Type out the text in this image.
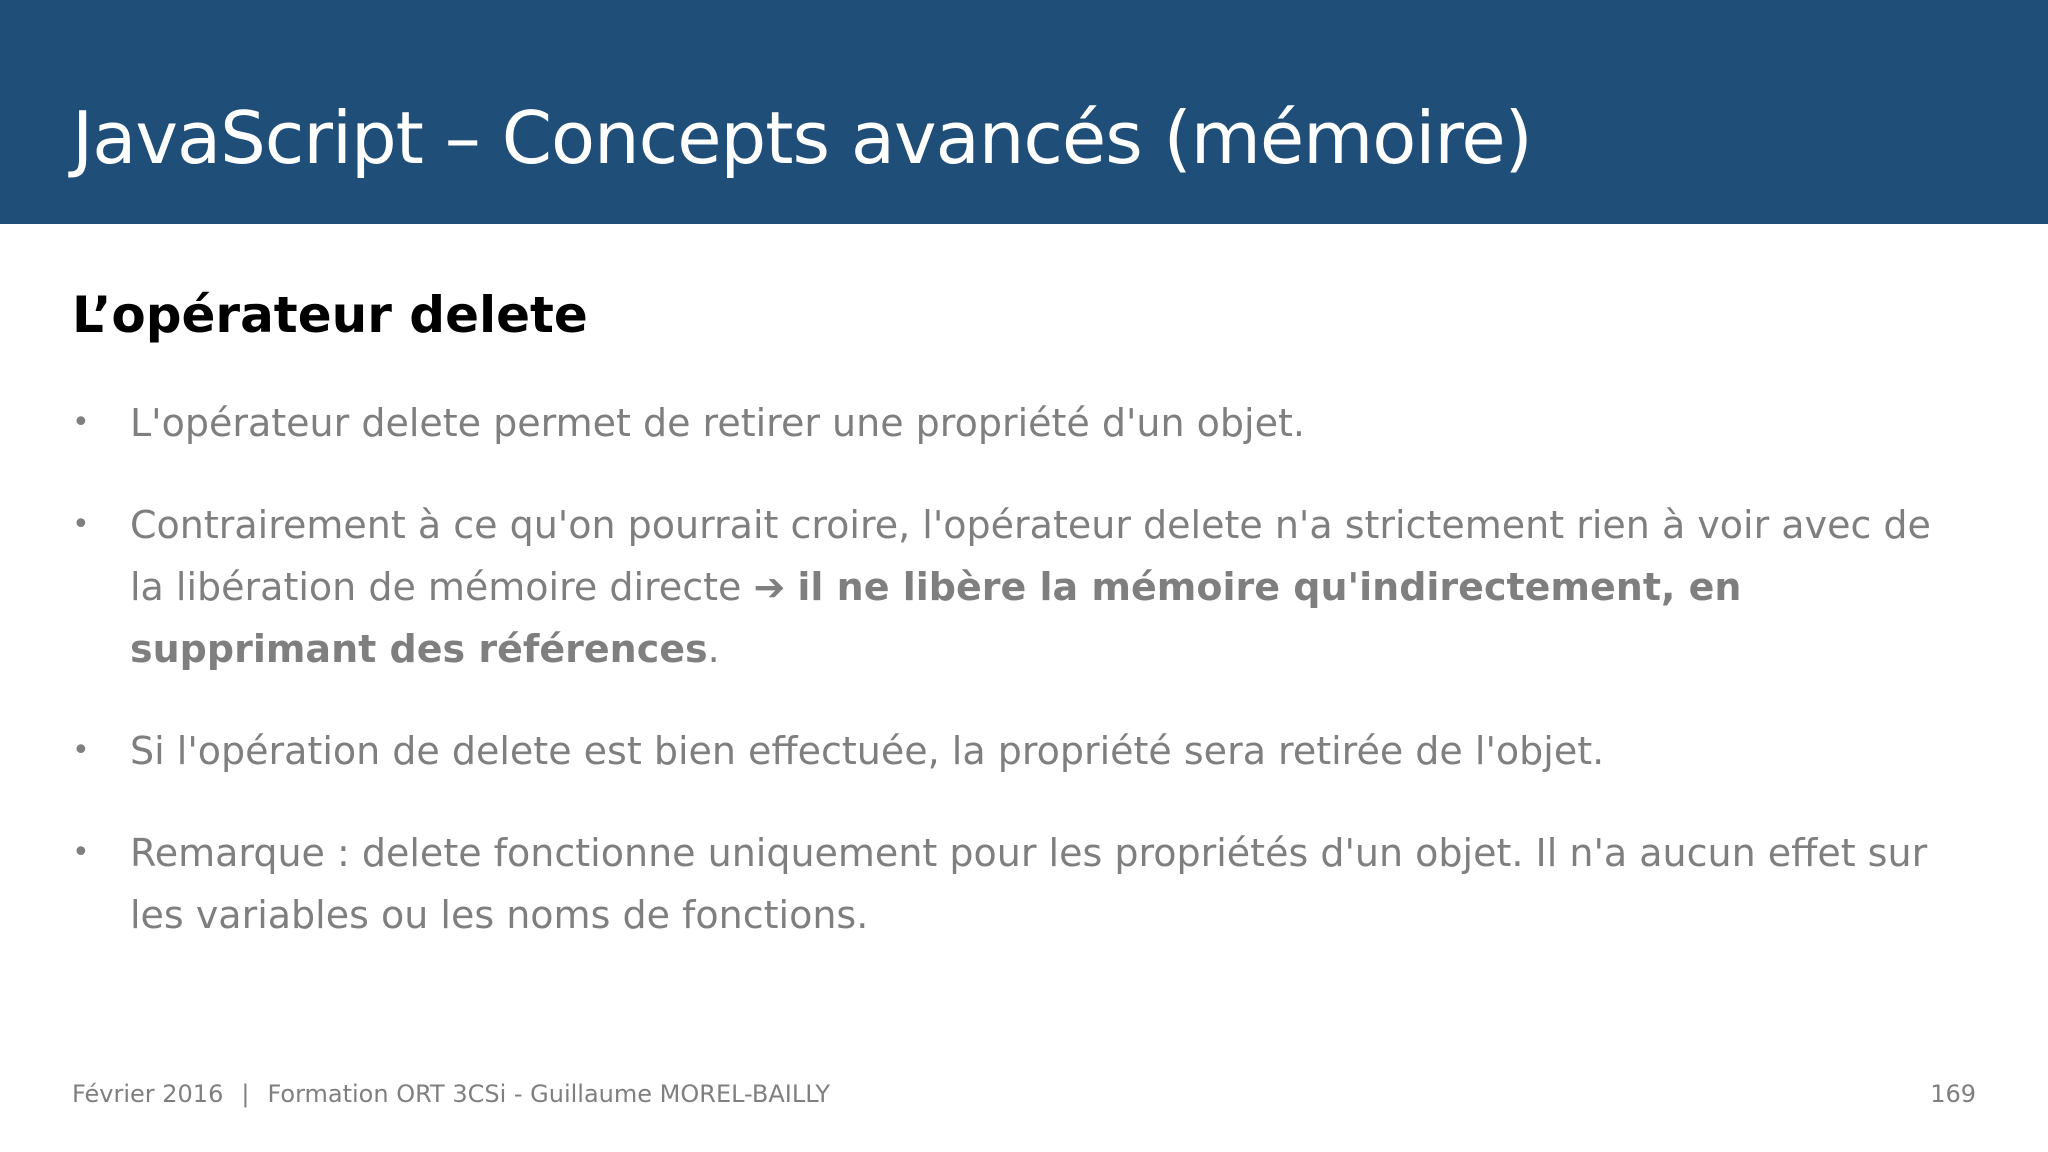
JavaScript – Concepts avancés (mémoire)
L’opérateur delete
•	L'opérateur delete permet de retirer une propriété d'un objet.
•	Contrairement à ce qu'on pourrait croire, l'opérateur delete n'a strictement rien à voir avec de la libération de mémoire directe ➔ il ne libère la mémoire qu'indirectement, en supprimant des références.
•	Si l'opération de delete est bien effectuée, la propriété sera retirée de l'objet.
•	Remarque : delete fonctionne uniquement pour les propriétés d'un objet. Il n'a aucun effet sur les variables ou les noms de fonctions.
Février 2016 | Formation ORT 3CSi - Guillaume MOREL-BAILLY	169
